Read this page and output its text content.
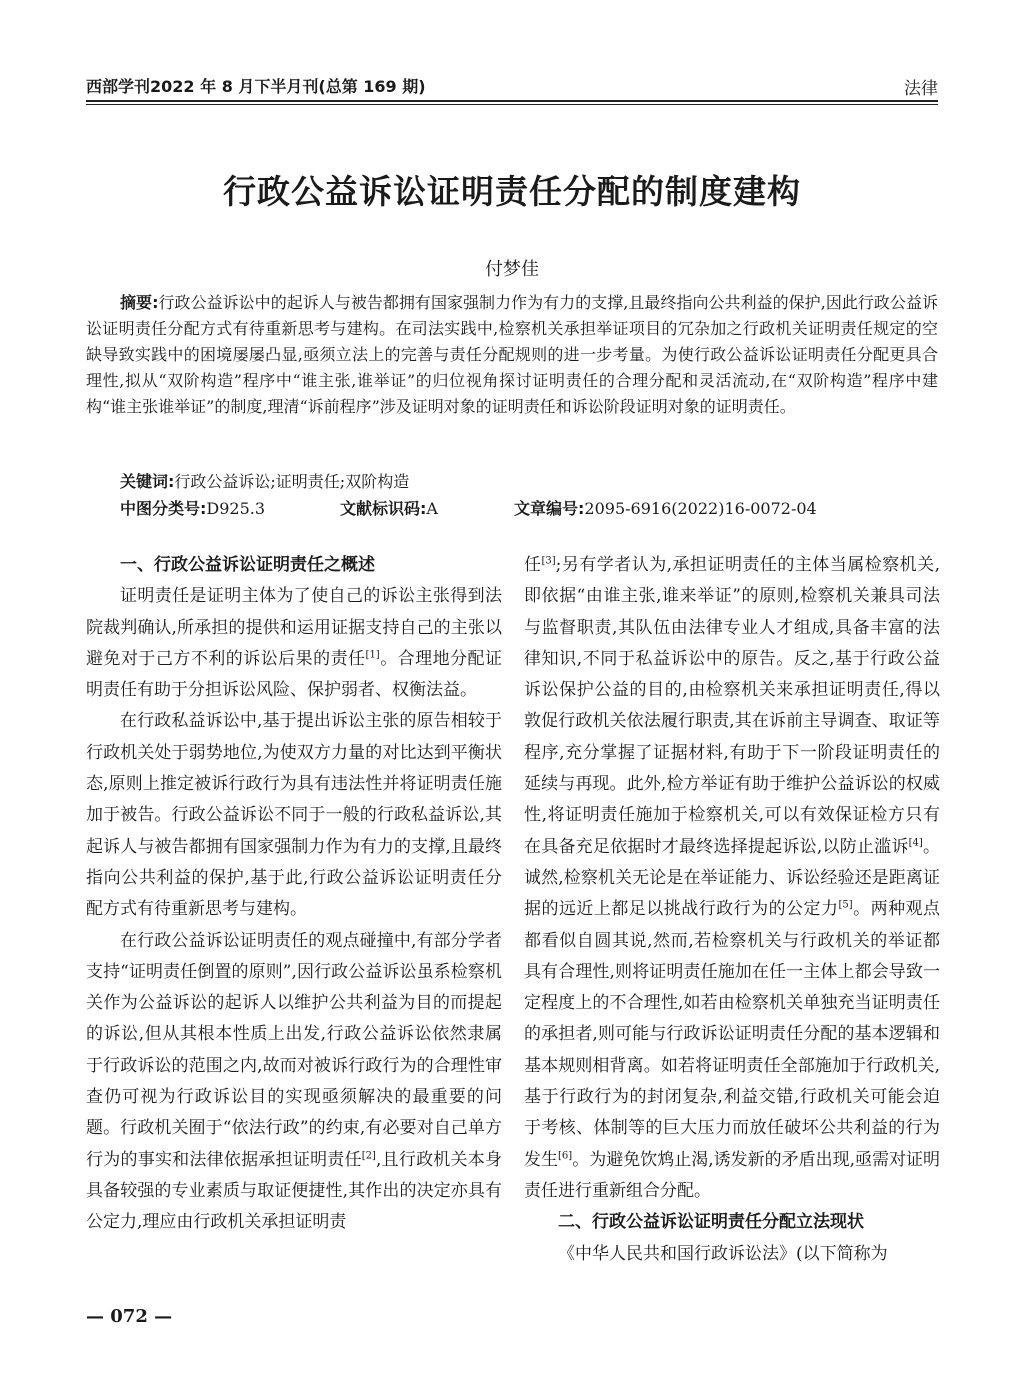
西部学刊2022 年 8 月下半月刊(总第 169 期)	法律
行政公益诉讼证明责任分配的制度建构
付梦佳
摘要:行政公益诉讼中的起诉人与被告都拥有国家强制力作为有力的支撑,且最终指向公共利益的保护,因此行政公益诉讼证明责任分配方式有待重新思考与建构。在司法实践中,检察机关承担举证项目的冗杂加之行政机关证明责任规定的空缺导致实践中的困境屡屡凸显,亟须立法上的完善与责任分配规则的进一步考量。为使行政公益诉讼证明责任分配更具合理性,拟从“双阶构造”程序中“谁主张,谁举证”的归位视角探讨证明责任的合理分配和灵活流动,在“双阶构造”程序中建构“谁主张谁举证”的制度,理清“诉前程序”涉及证明对象的证明责任和诉讼阶段证明对象的证明责任。
关键词:行政公益诉讼;证明责任;双阶构造
中图分类号:D925.3	文献标识码:A	文章编号:2095-6916(2022)16-0072-04
一、行政公益诉讼证明责任之概述

证明责任是证明主体为了使自己的诉讼主张得到法院裁判确认,所承担的提供和运用证据支持自己的主张以避免对于己方不利的诉讼后果的责任[1]。合理地分配证明责任有助于分担诉讼风险、保护弱者、权衡法益。

在行政私益诉讼中,基于提出诉讼主张的原告相较于行政机关处于弱势地位,为使双方力量的对比达到平衡状态,原则上推定被诉行政行为具有违法性并将证明责任施加于被告。行政公益诉讼不同于一般的行政私益诉讼,其起诉人与被告都拥有国家强制力作为有力的支撑,且最终指向公共利益的保护,基于此,行政公益诉讼证明责任分配方式有待重新思考与建构。

在行政公益诉讼证明责任的观点碰撞中,有部分学者支持“证明责任倒置的原则”,因行政公益诉讼虽系检察机关作为公益诉讼的起诉人以维护公共利益为目的而提起的诉讼,但从其根本性质上出发,行政公益诉讼依然隶属于行政诉讼的范围之内,故而对被诉行政行为的合理性审查仍可视为行政诉讼目的实现亟须解决的最重要的问题。行政机关囿于“依法行政”的约束,有必要对自己单方行为的事实和法律依据承担证明责任[2],且行政机关本身具备较强的专业素质与取证便捷性,其作出的决定亦具有公定力,理应由行政机关承担证明责

任[3];另有学者认为,承担证明责任的主体当属检察机关,即依据“由谁主张,谁来举证”的原则,检察机关兼具司法与监督职责,其队伍由法律专业人才组成,具备丰富的法律知识,不同于私益诉讼中的原告。反之,基于行政公益诉讼保护公益的目的,由检察机关来承担证明责任,得以敦促行政机关依法履行职责,其在诉前主导调查、取证等程序,充分掌握了证据材料,有助于下一阶段证明责任的延续与再现。此外,检方举证有助于维护公益诉讼的权威性,将证明责任施加于检察机关,可以有效保证检方只有在具备充足依据时才最终选择提起诉讼,以防止滥诉[4]。诚然,检察机关无论是在举证能力、诉讼经验还是距离证据的远近上都足以挑战行政行为的公定力[5]。两种观点都看似自圆其说,然而,若检察机关与行政机关的举证都具有合理性,则将证明责任施加在任一主体上都会导致一定程度上的不合理性,如若由检察机关单独充当证明责任的承担者,则可能与行政诉讼证明责任分配的基本逻辑和基本规则相背离。如若将证明责任全部施加于行政机关,基于行政行为的封闭复杂,利益交错,行政机关可能会迫于考核、体制等的巨大压力而放任破坏公共利益的行为发生[6]。为避免饮鸩止渴,诱发新的矛盾出现,亟需对证明责任进行重新组合分配。

二、行政公益诉讼证明责任分配立法现状

《中华人民共和国行政诉讼法》(以下简称为

— 072 —
